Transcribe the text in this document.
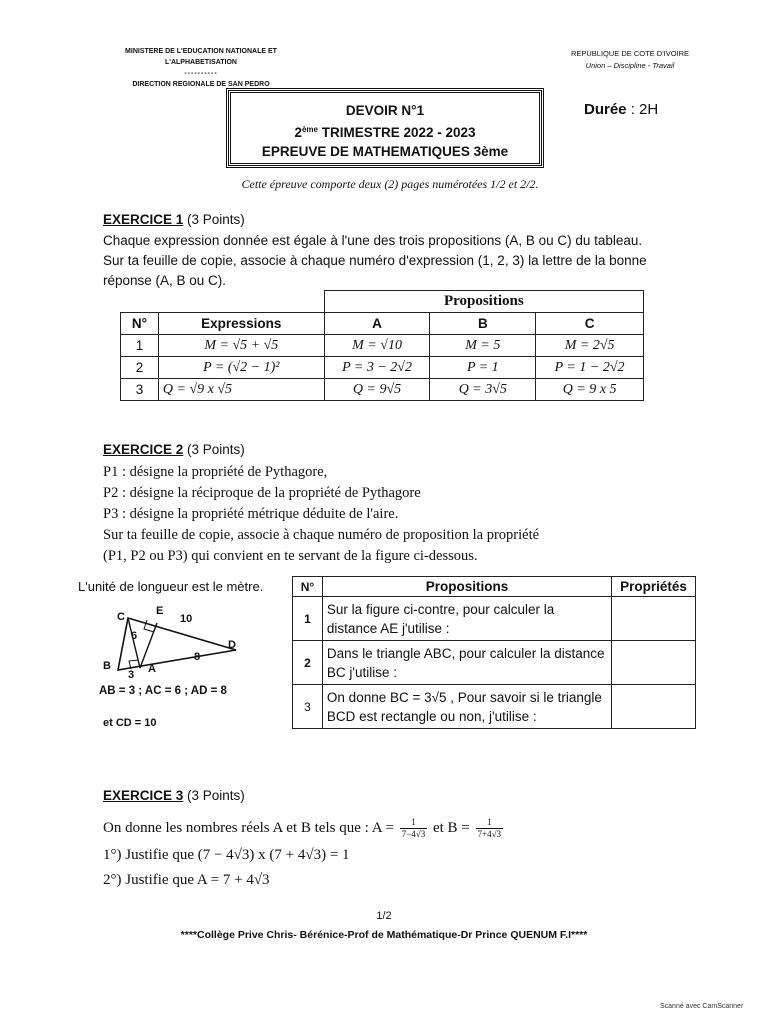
MINISTERE DE L'EDUCATION NATIONALE ET
L'ALPHABETISATION
----------
DIRECTION REGIONALE DE SAN PEDRO
REPUBLIQUE DE COTE D'IVOIRE
Union – Discipline - Travail
DEVOIR N°1
2ème TRIMESTRE 2022 - 2023
EPREUVE DE MATHEMATIQUES 3ème
Durée : 2H
Cette épreuve comporte deux (2) pages numérotées 1/2 et 2/2.
EXERCICE 1 (3 Points)
Chaque expression donnée est égale à l'une des trois propositions (A, B ou C) du tableau. Sur ta feuille de copie, associe à chaque numéro d'expression (1, 2, 3) la lettre de la bonne réponse (A, B ou C).
		Propositions		
N°	Expressions	A	B	C
1	M = √5 + √5	M = √10	M = 5	M = 2√5
2	P = (√2 − 1)²	P = 3 − 2√2	P = 1	P = 1 − 2√2
3	Q = √9 x √5	Q = 9√5	Q = 3√5	Q = 9 x 5
EXERCICE 2 (3 Points)
P1 : désigne la propriété de Pythagore,
P2 : désigne la réciproque de la propriété de Pythagore
P3 : désigne la propriété métrique déduite de l'aire.
Sur ta feuille de copie, associe à chaque numéro de proposition la propriété
(P1, P2 ou P3) qui convient en te servant de la figure ci-dessous.
L'unité de longueur est le mètre.
C	E
10
6
D
8
B	A
3
AB = 3 ; AC = 6 ; AD = 8
et CD = 10
N°	Propositions	Propriétés
1	Sur la figure ci-contre, pour calculer la distance AE j'utilise :	
2	Dans le triangle ABC, pour calculer la distance BC j'utilise :	
3	On donne BC = 3√5 , Pour savoir si le triangle BCD est rectangle ou non, j'utilise :	
EXERCICE 3 (3 Points)
On donne les nombres réels A et B tels que : $A = \frac{1}{7-4√3}$ et $B = \frac{1}{7+4√3}$
1°) Justifie que (7 − 4√3) x (7 + 4√3) = 1
2°) Justifie que A = 7 + 4√3
1/2
****Collège Prive Chris- Bérénice-Prof de Mathématique-Dr Prince QUENUM F.I****
Scanné avec CamScanner
